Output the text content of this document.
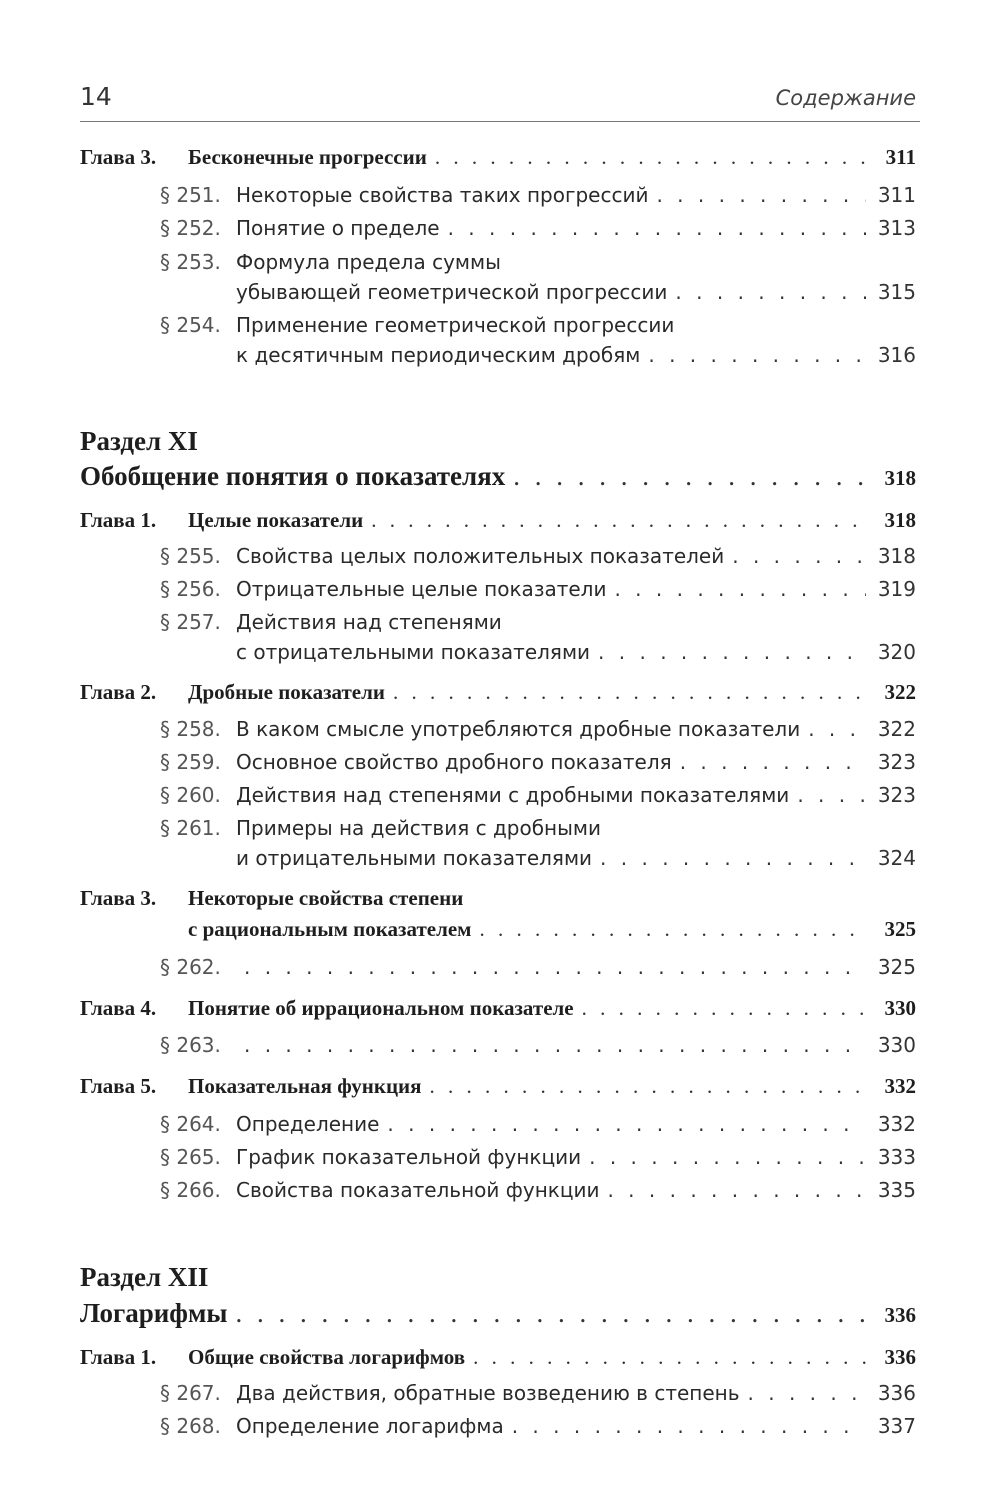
14	Содержание
Глава 3. Бесконечные прогрессии . . .	311
§ 251. Некоторые свойства таких прогрессий . . .	311
§ 252. Понятие о пределе . . .	313
§ 253. Формула предела суммы
убывающей геометрической прогрессии . . .	315
§ 254. Применение геометрической прогрессии
к десятичным периодическим дробям . . .	316
Раздел XI
Обобщение понятия о показателях . . .	318
Глава 1. Целые показатели . . .	318
§ 255. Свойства целых положительных показателей . . .	318
§ 256. Отрицательные целые показатели . . .	319
§ 257. Действия над степенями
с отрицательными показателями . . .	320
Глава 2. Дробные показатели . . .	322
§ 258. В каком смысле употребляются дробные показатели . . .	322
§ 259. Основное свойство дробного показателя . . .	323
§ 260. Действия над степенями с дробными показателями . . .	323
§ 261. Примеры на действия с дробными
и отрицательными показателями . . .	324
Глава 3. Некоторые свойства степени
с рациональным показателем . . .	325
§ 262. . . .	325
Глава 4. Понятие об иррациональном показателе . . .	330
§ 263. . . .	330
Глава 5. Показательная функция . . .	332
§ 264. Определение . . .	332
§ 265. График показательной функции . . .	333
§ 266. Свойства показательной функции . . .	335
Раздел XII
Логарифмы . . .	336
Глава 1. Общие свойства логарифмов . . .	336
§ 267. Два действия, обратные возведению в степень . . .	336
§ 268. Определение логарифма . . .	337
